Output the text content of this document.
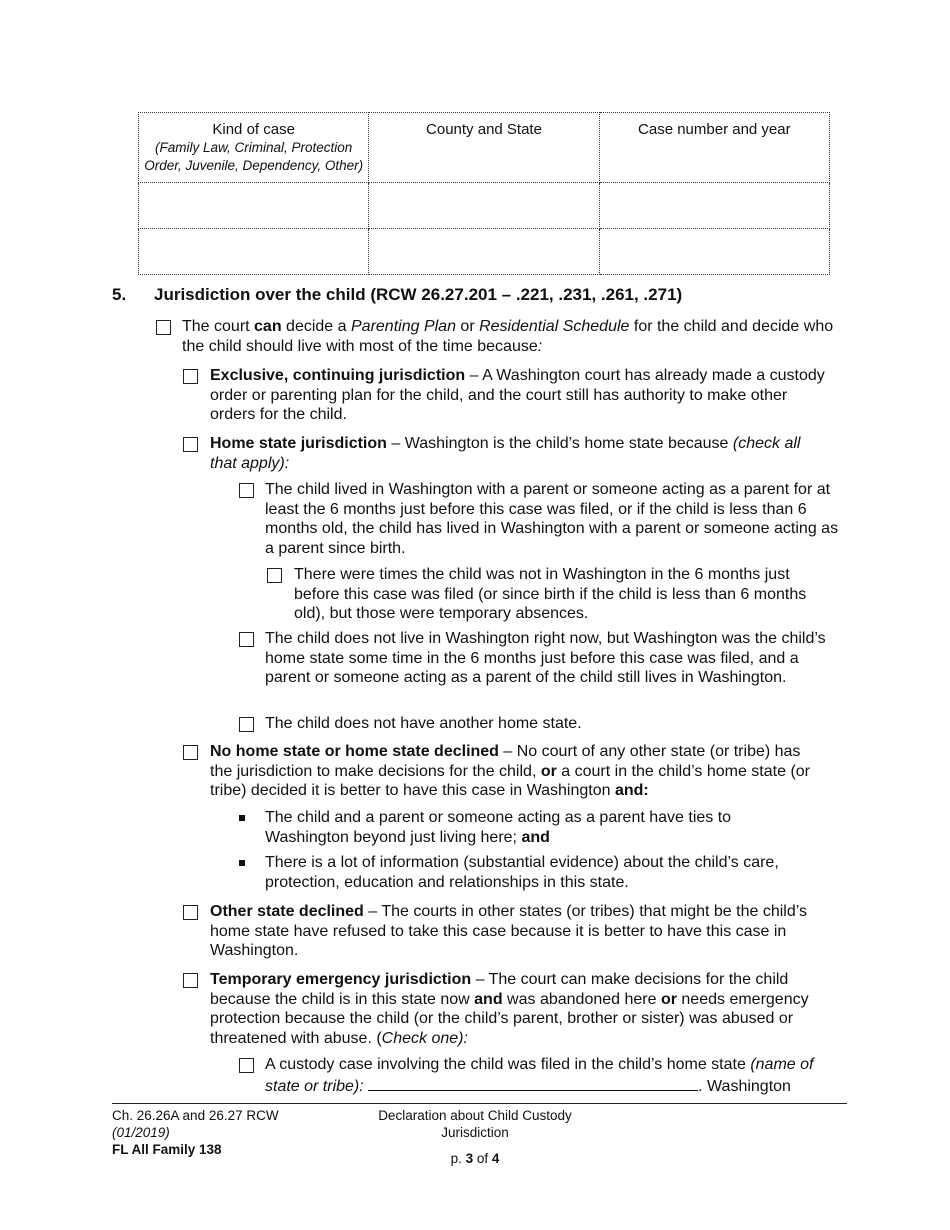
Kind of case
(Family Law, Criminal, Protection Order, Juvenile, Dependency, Other)	County and State	Case number and year

5. Jurisdiction over the child (RCW 26.27.201 – .221, .231, .261, .271)
The court can decide a Parenting Plan or Residential Schedule for the child and decide who the child should live with most of the time because:
Exclusive, continuing jurisdiction – A Washington court has already made a custody order or parenting plan for the child, and the court still has authority to make other orders for the child.
Home state jurisdiction – Washington is the child’s home state because (check all that apply):
The child lived in Washington with a parent or someone acting as a parent for at least the 6 months just before this case was filed, or if the child is less than 6 months old, the child has lived in Washington with a parent or someone acting as a parent since birth.
There were times the child was not in Washington in the 6 months just before this case was filed (or since birth if the child is less than 6 months old), but those were temporary absences.
The child does not live in Washington right now, but Washington was the child’s home state some time in the 6 months just before this case was filed, and a parent or someone acting as a parent of the child still lives in Washington.
The child does not have another home state.
No home state or home state declined – No court of any other state (or tribe) has the jurisdiction to make decisions for the child, or a court in the child’s home state (or tribe) decided it is better to have this case in Washington and:
The child and a parent or someone acting as a parent have ties to Washington beyond just living here; and
There is a lot of information (substantial evidence) about the child’s care, protection, education and relationships in this state.
Other state declined – The courts in other states (or tribes) that might be the child’s home state have refused to take this case because it is better to have this case in Washington.
Temporary emergency jurisdiction – The court can make decisions for the child because the child is in this state now and was abandoned here or needs emergency protection because the child (or the child’s parent, brother or sister) was abused or threatened with abuse. (Check one):
A custody case involving the child was filed in the child’s home state (name of state or tribe):	. Washington
Ch. 26.26A and 26.27 RCW
(01/2019)
FL All Family 138
Declaration about Child Custody
Jurisdiction
p. 3 of 4
